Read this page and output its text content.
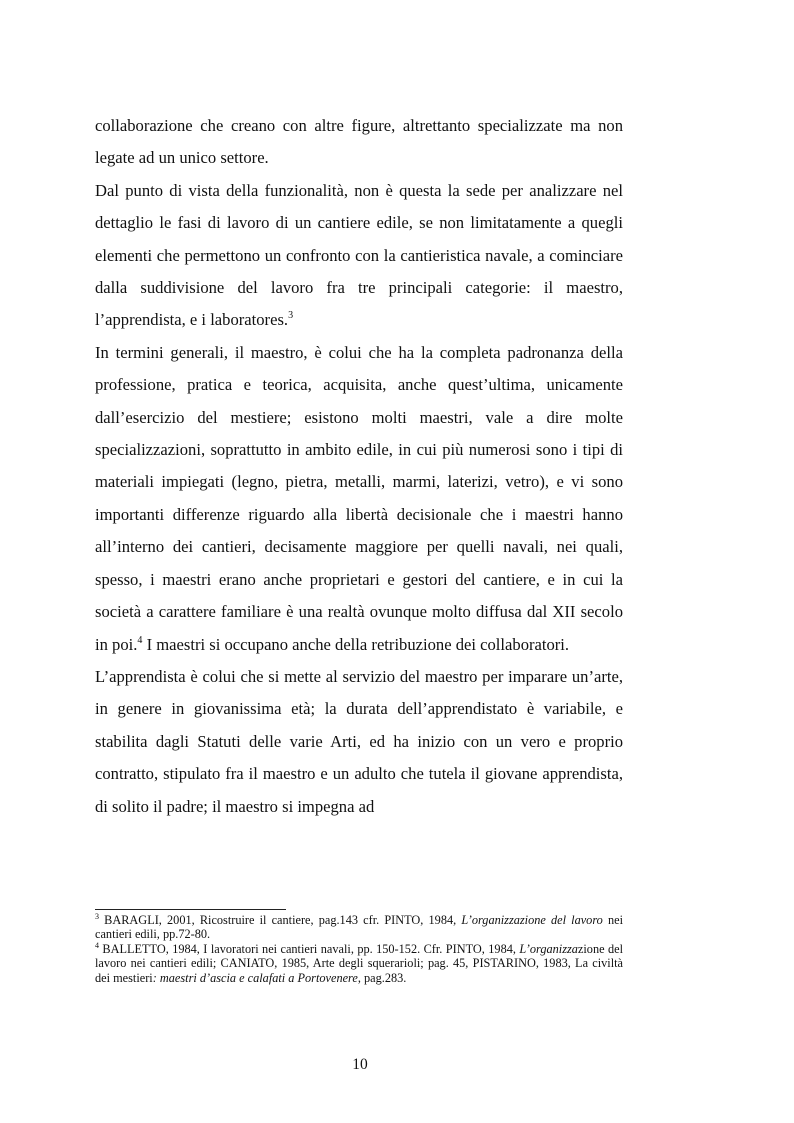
collaborazione che creano con altre figure, altrettanto specializzate ma non legate ad un unico settore.

Dal punto di vista della funzionalità, non è questa la sede per analizzare nel dettaglio le fasi di lavoro di un cantiere edile, se non limitatamente a quegli elementi che permettono un confronto con la cantieristica navale, a cominciare dalla suddivisione del lavoro fra tre principali categorie: il maestro, l’apprendista, e i laboratores.$^3$

In termini generali, il maestro, è colui che ha la completa padronanza della professione, pratica e teorica, acquisita, anche quest’ultima, unicamente dall’esercizio del mestiere; esistono molti maestri, vale a dire molte specializzazioni, soprattutto in ambito edile, in cui più numerosi sono i tipi di materiali impiegati (legno, pietra, metalli, marmi, laterizi, vetro), e vi sono importanti differenze riguardo alla libertà decisionale che i maestri hanno all’interno dei cantieri, decisamente maggiore per quelli navali, nei quali, spesso, i maestri erano anche proprietari e gestori del cantiere, e in cui la società a carattere familiare è una realtà ovunque molto diffusa dal XII secolo in poi.$^4$ I maestri si occupano anche della retribuzione dei collaboratori.

L’apprendista è colui che si mette al servizio del maestro per imparare un’arte, in genere in giovanissima età; la durata dell’apprendistato è variabile, e stabilita dagli Statuti delle varie Arti, ed ha inizio con un vero e proprio contratto, stipulato fra il maestro e un adulto che tutela il giovane apprendista, di solito il padre; il maestro si impegna ad

$^3$ BARAGLI, 2001, Ricostruire il cantiere, pag.143 cfr. PINTO, 1984, L’organizzazione del lavoro nei cantieri edili, pp.72-80.

$^4$ BALLETTO, 1984, I lavoratori nei cantieri navali, pp. 150-152. Cfr. PINTO, 1984, L’organizzazione del lavoro nei cantieri edili; CANIATO, 1985, Arte degli squerarioli; pag. 45, PISTARINO, 1983, La civiltà dei mestieri: maestri d’ascia e calafati a Portovenere, pag.283.

10
